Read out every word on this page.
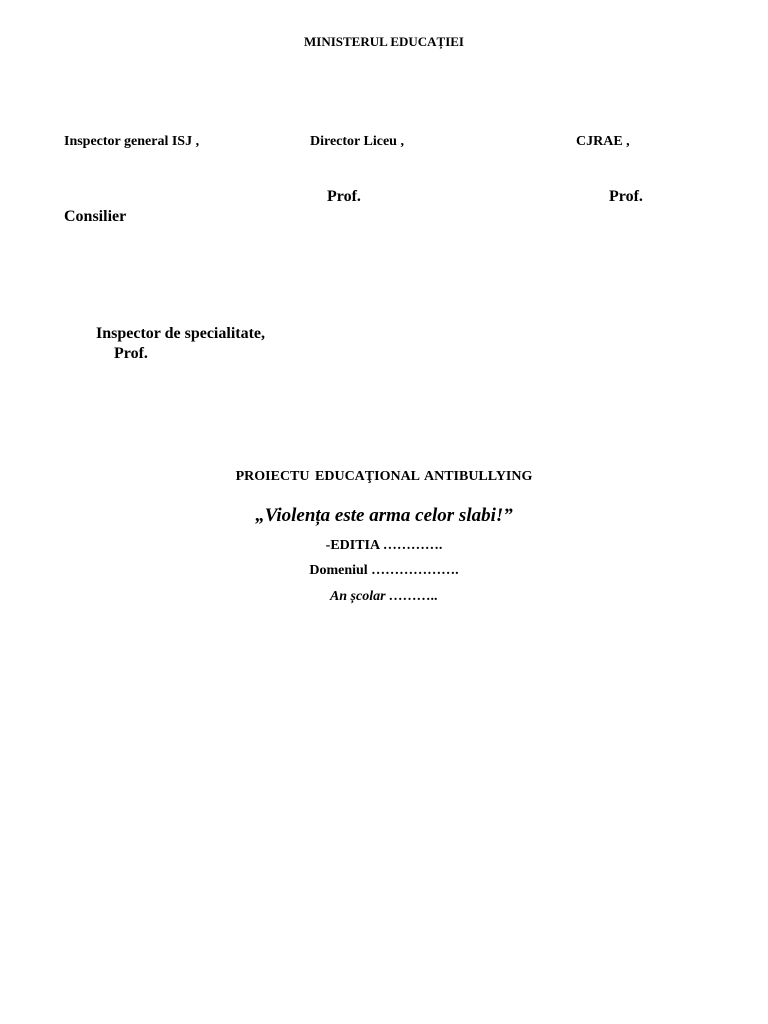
MINISTERUL EDUCAȚIEI
Inspector general ISJ ,	Director Liceu ,	CJRAE ,
Prof.	Prof.
Consilier
Inspector de specialitate,
Prof.
PROIECTU EDUCAŢIONAL ANTIBULLYING
„Violența este arma celor slabi!”
-EDITIA ………….
Domeniul ……………….
An școlar ………..
